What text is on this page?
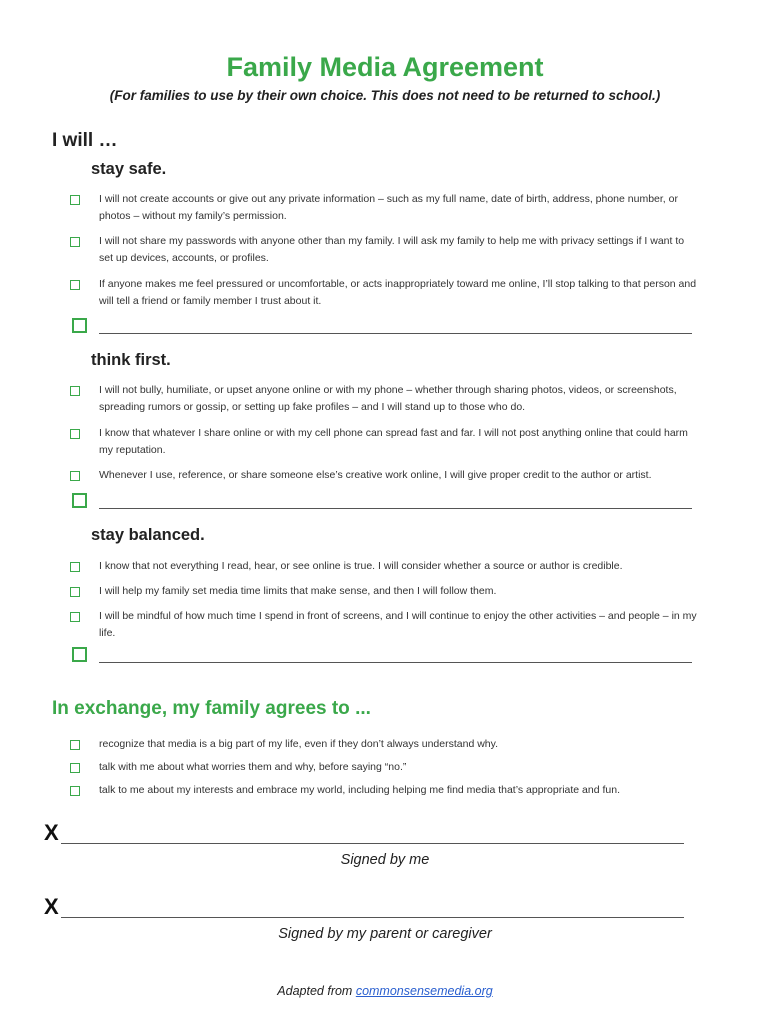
Family Media Agreement
(For families to use by their own choice. This does not need to be returned to school.)
I will …
stay safe.
I will not create accounts or give out any private information – such as my full name, date of birth, address, phone number, or photos – without my family’s permission.
I will not share my passwords with anyone other than my family. I will ask my family to help me with privacy settings if I want to set up devices, accounts, or profiles.
If anyone makes me feel pressured or uncomfortable, or acts inappropriately toward me online, I’ll stop talking to that person and will tell a friend or family member I trust about it.
think first.
I will not bully, humiliate, or upset anyone online or with my phone – whether through sharing photos, videos, or screenshots, spreading rumors or gossip, or setting up fake profiles – and I will stand up to those who do.
I know that whatever I share online or with my cell phone can spread fast and far. I will not post anything online that could harm my reputation.
Whenever I use, reference, or share someone else’s creative work online, I will give proper credit to the author or artist.
stay balanced.
I know that not everything I read, hear, or see online is true. I will consider whether a source or author is credible.
I will help my family set media time limits that make sense, and then I will follow them.
I will be mindful of how much time I spend in front of screens, and I will continue to enjoy the other activities – and people – in my life.
In exchange, my family agrees to ...
recognize that media is a big part of my life, even if they don’t always understand why.
talk with me about what worries them and why, before saying “no.”
talk to me about my interests and embrace my world, including helping me find media that’s appropriate and fun.
X
Signed by me
X
Signed by my parent or caregiver
Adapted from commonsensemedia.org
